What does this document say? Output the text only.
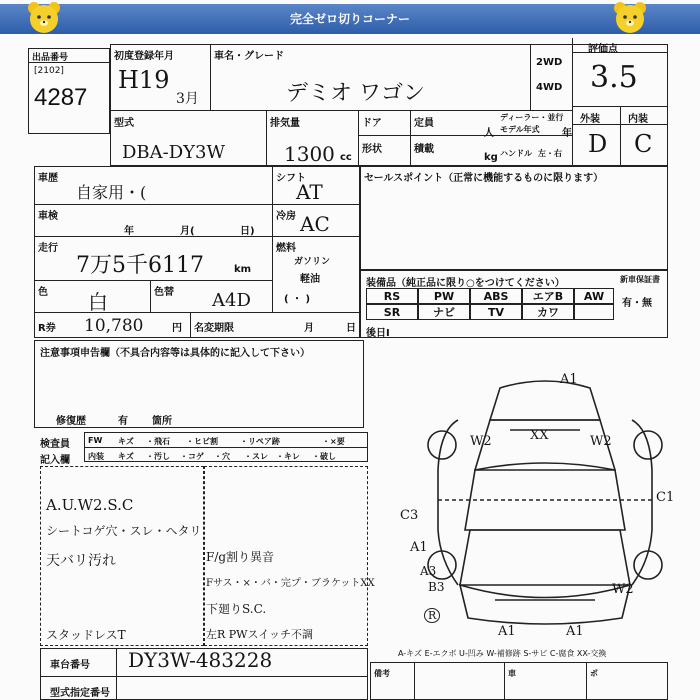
完全ゼロ切りコーナー
出品番号
[2102]
4287
初度登録年月
H19
3月
車名・グレード
デミオ ワゴン
2WD
4WD
評価点
3.5
外装	内装
D C
型式
DBA-DY3W
排気量
1300 cc
ドア	定員
人
ディーラー・並行
モデル年式 年
形状	積載
kg ハンドル 左・右
車歴
自家用・(
シフト
AT
車検
年	月(	日)
冷房 AC
走行
7万5千6117	km
燃料
ガソリン
軽油
( ・ )
色 白	色替 A4D
R券 10,780	円 名変期限	月	日
セールスポイント（正常に機能するものに限ります）
装備品（純正品に限り○をつけてください）	新車保証書
有・無
RS	PW	ABS	エアB	AW
SR	ナビ	TV	カワ
後日I
注意事項申告欄（不具合内容等は具体的に記入して下さい）
修復歴	有 箇所
検査員
記入欄
FW キズ ・飛石 ・ヒビ割	・リペア跡	・×要
内装 キズ ・汚し ・コゲ ・穴 ・スレ ・キレ ・破し
A.U.W2.S.C
シートコゲ穴・スレ・ヘタリ
天バリ汚れ
スタッドレスT
F/g割り異音
Fサス・×・バ・完プ・ブラケットXX
下廻りS.C.
左R PWスイッチ不調
車台番号 DY3W-483228
型式指定番号
A1
XX
W2	W2
C3
C1
A1
A3
B3	W2
A1	A1
R
A-キズ E-エクボ U-凹み W-補修跡 S-サビ C-腐食 XX-交換
備考	車	ポ
